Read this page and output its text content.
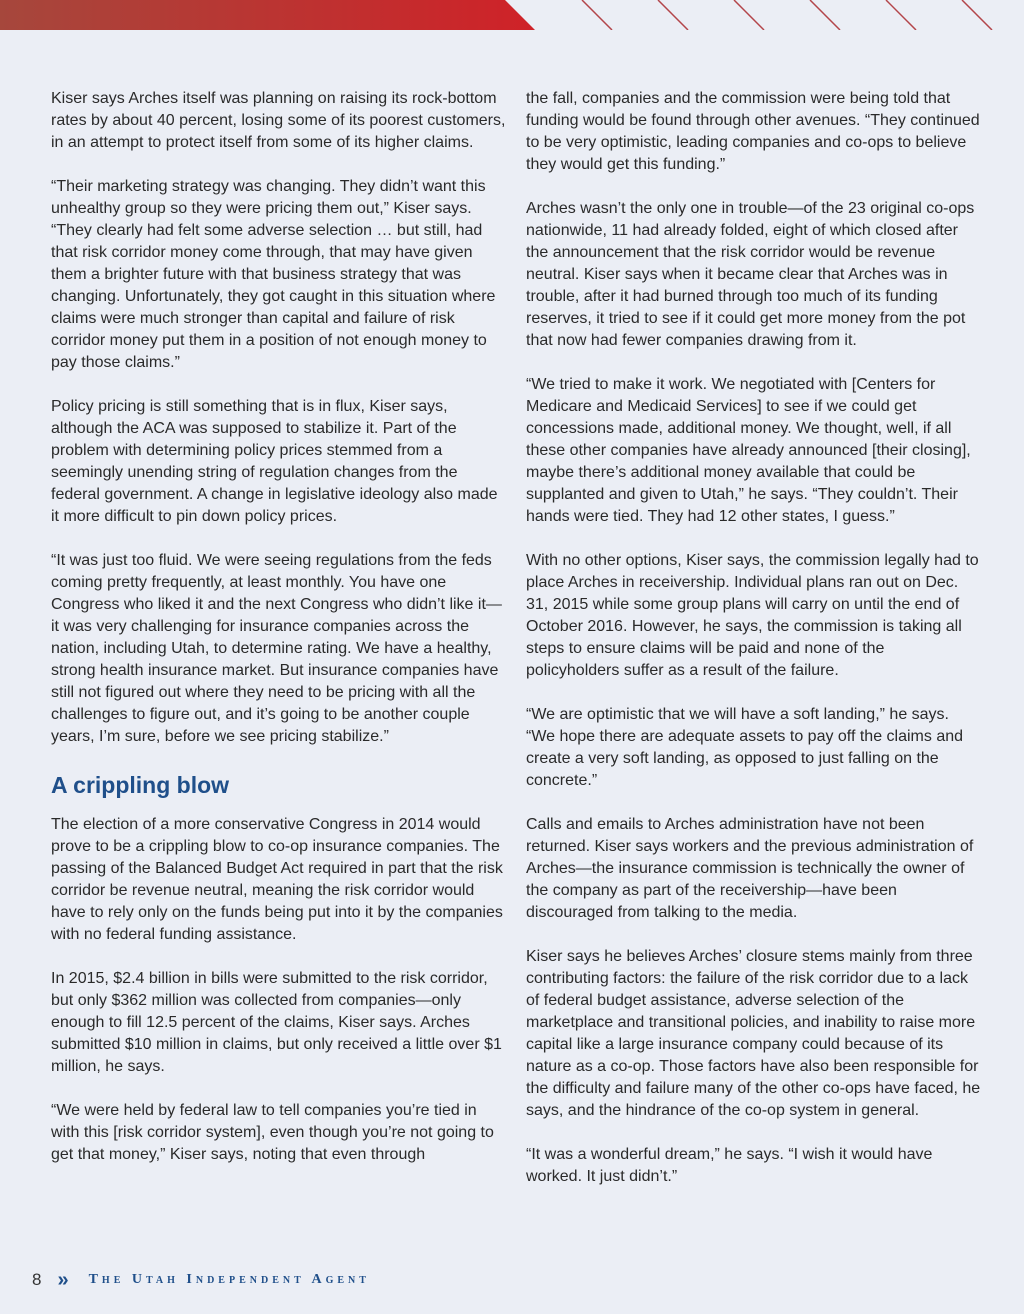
Kiser says Arches itself was planning on raising its rock-bottom rates by about 40 percent, losing some of its poorest customers, in an attempt to protect itself from some of its higher claims.

“Their marketing strategy was changing. They didn’t want this unhealthy group so they were pricing them out,” Kiser says. “They clearly had felt some adverse selection … but still, had that risk corridor money come through, that may have given them a brighter future with that business strategy that was changing. Unfortunately, they got caught in this situation where claims were much stronger than capital and failure of risk corridor money put them in a position of not enough money to pay those claims.”

Policy pricing is still something that is in flux, Kiser says, although the ACA was supposed to stabilize it. Part of the problem with determining policy prices stemmed from a seemingly unending string of regulation changes from the federal government. A change in legislative ideology also made it more difficult to pin down policy prices.

“It was just too fluid. We were seeing regulations from the feds coming pretty frequently, at least monthly. You have one Congress who liked it and the next Congress who didn’t like it—it was very challenging for insurance companies across the nation, including Utah, to determine rating. We have a healthy, strong health insurance market. But insurance companies have still not figured out where they need to be pricing with all the challenges to figure out, and it’s going to be another couple years, I’m sure, before we see pricing stabilize.”

A crippling blow

The election of a more conservative Congress in 2014 would prove to be a crippling blow to co-op insurance companies. The passing of the Balanced Budget Act required in part that the risk corridor be revenue neutral, meaning the risk corridor would have to rely only on the funds being put into it by the companies with no federal funding assistance.

In 2015, $2.4 billion in bills were submitted to the risk corridor, but only $362 million was collected from companies—only enough to fill 12.5 percent of the claims, Kiser says. Arches submitted $10 million in claims, but only received a little over $1 million, he says.

“We were held by federal law to tell companies you’re tied in with this [risk corridor system], even though you’re not going to get that money,” Kiser says, noting that even through

the fall, companies and the commission were being told that funding would be found through other avenues. “They continued to be very optimistic, leading companies and co-ops to believe they would get this funding.”

Arches wasn’t the only one in trouble—of the 23 original co-ops nationwide, 11 had already folded, eight of which closed after the announcement that the risk corridor would be revenue neutral. Kiser says when it became clear that Arches was in trouble, after it had burned through too much of its funding reserves, it tried to see if it could get more money from the pot that now had fewer companies drawing from it.

“We tried to make it work. We negotiated with [Centers for Medicare and Medicaid Services] to see if we could get concessions made, additional money. We thought, well, if all these other companies have already announced [their closing], maybe there’s additional money available that could be supplanted and given to Utah,” he says. “They couldn’t. Their hands were tied. They had 12 other states, I guess.”

With no other options, Kiser says, the commission legally had to place Arches in receivership. Individual plans ran out on Dec. 31, 2015 while some group plans will carry on until the end of October 2016. However, he says, the commission is taking all steps to ensure claims will be paid and none of the policyholders suffer as a result of the failure.

“We are optimistic that we will have a soft landing,” he says. “We hope there are adequate assets to pay off the claims and create a very soft landing, as opposed to just falling on the concrete.”

Calls and emails to Arches administration have not been returned. Kiser says workers and the previous administration of Arches—the insurance commission is technically the owner of the company as part of the receivership—have been discouraged from talking to the media.

Kiser says he believes Arches’ closure stems mainly from three contributing factors: the failure of the risk corridor due to a lack of federal budget assistance, adverse selection of the marketplace and transitional policies, and inability to raise more capital like a large insurance company could because of its nature as a co-op. Those factors have also been responsible for the difficulty and failure many of the other co-ops have faced, he says, and the hindrance of the co-op system in general.

“It was a wonderful dream,” he says. “I wish it would have worked. It just didn’t.”

8 » The Utah Independent Agent
